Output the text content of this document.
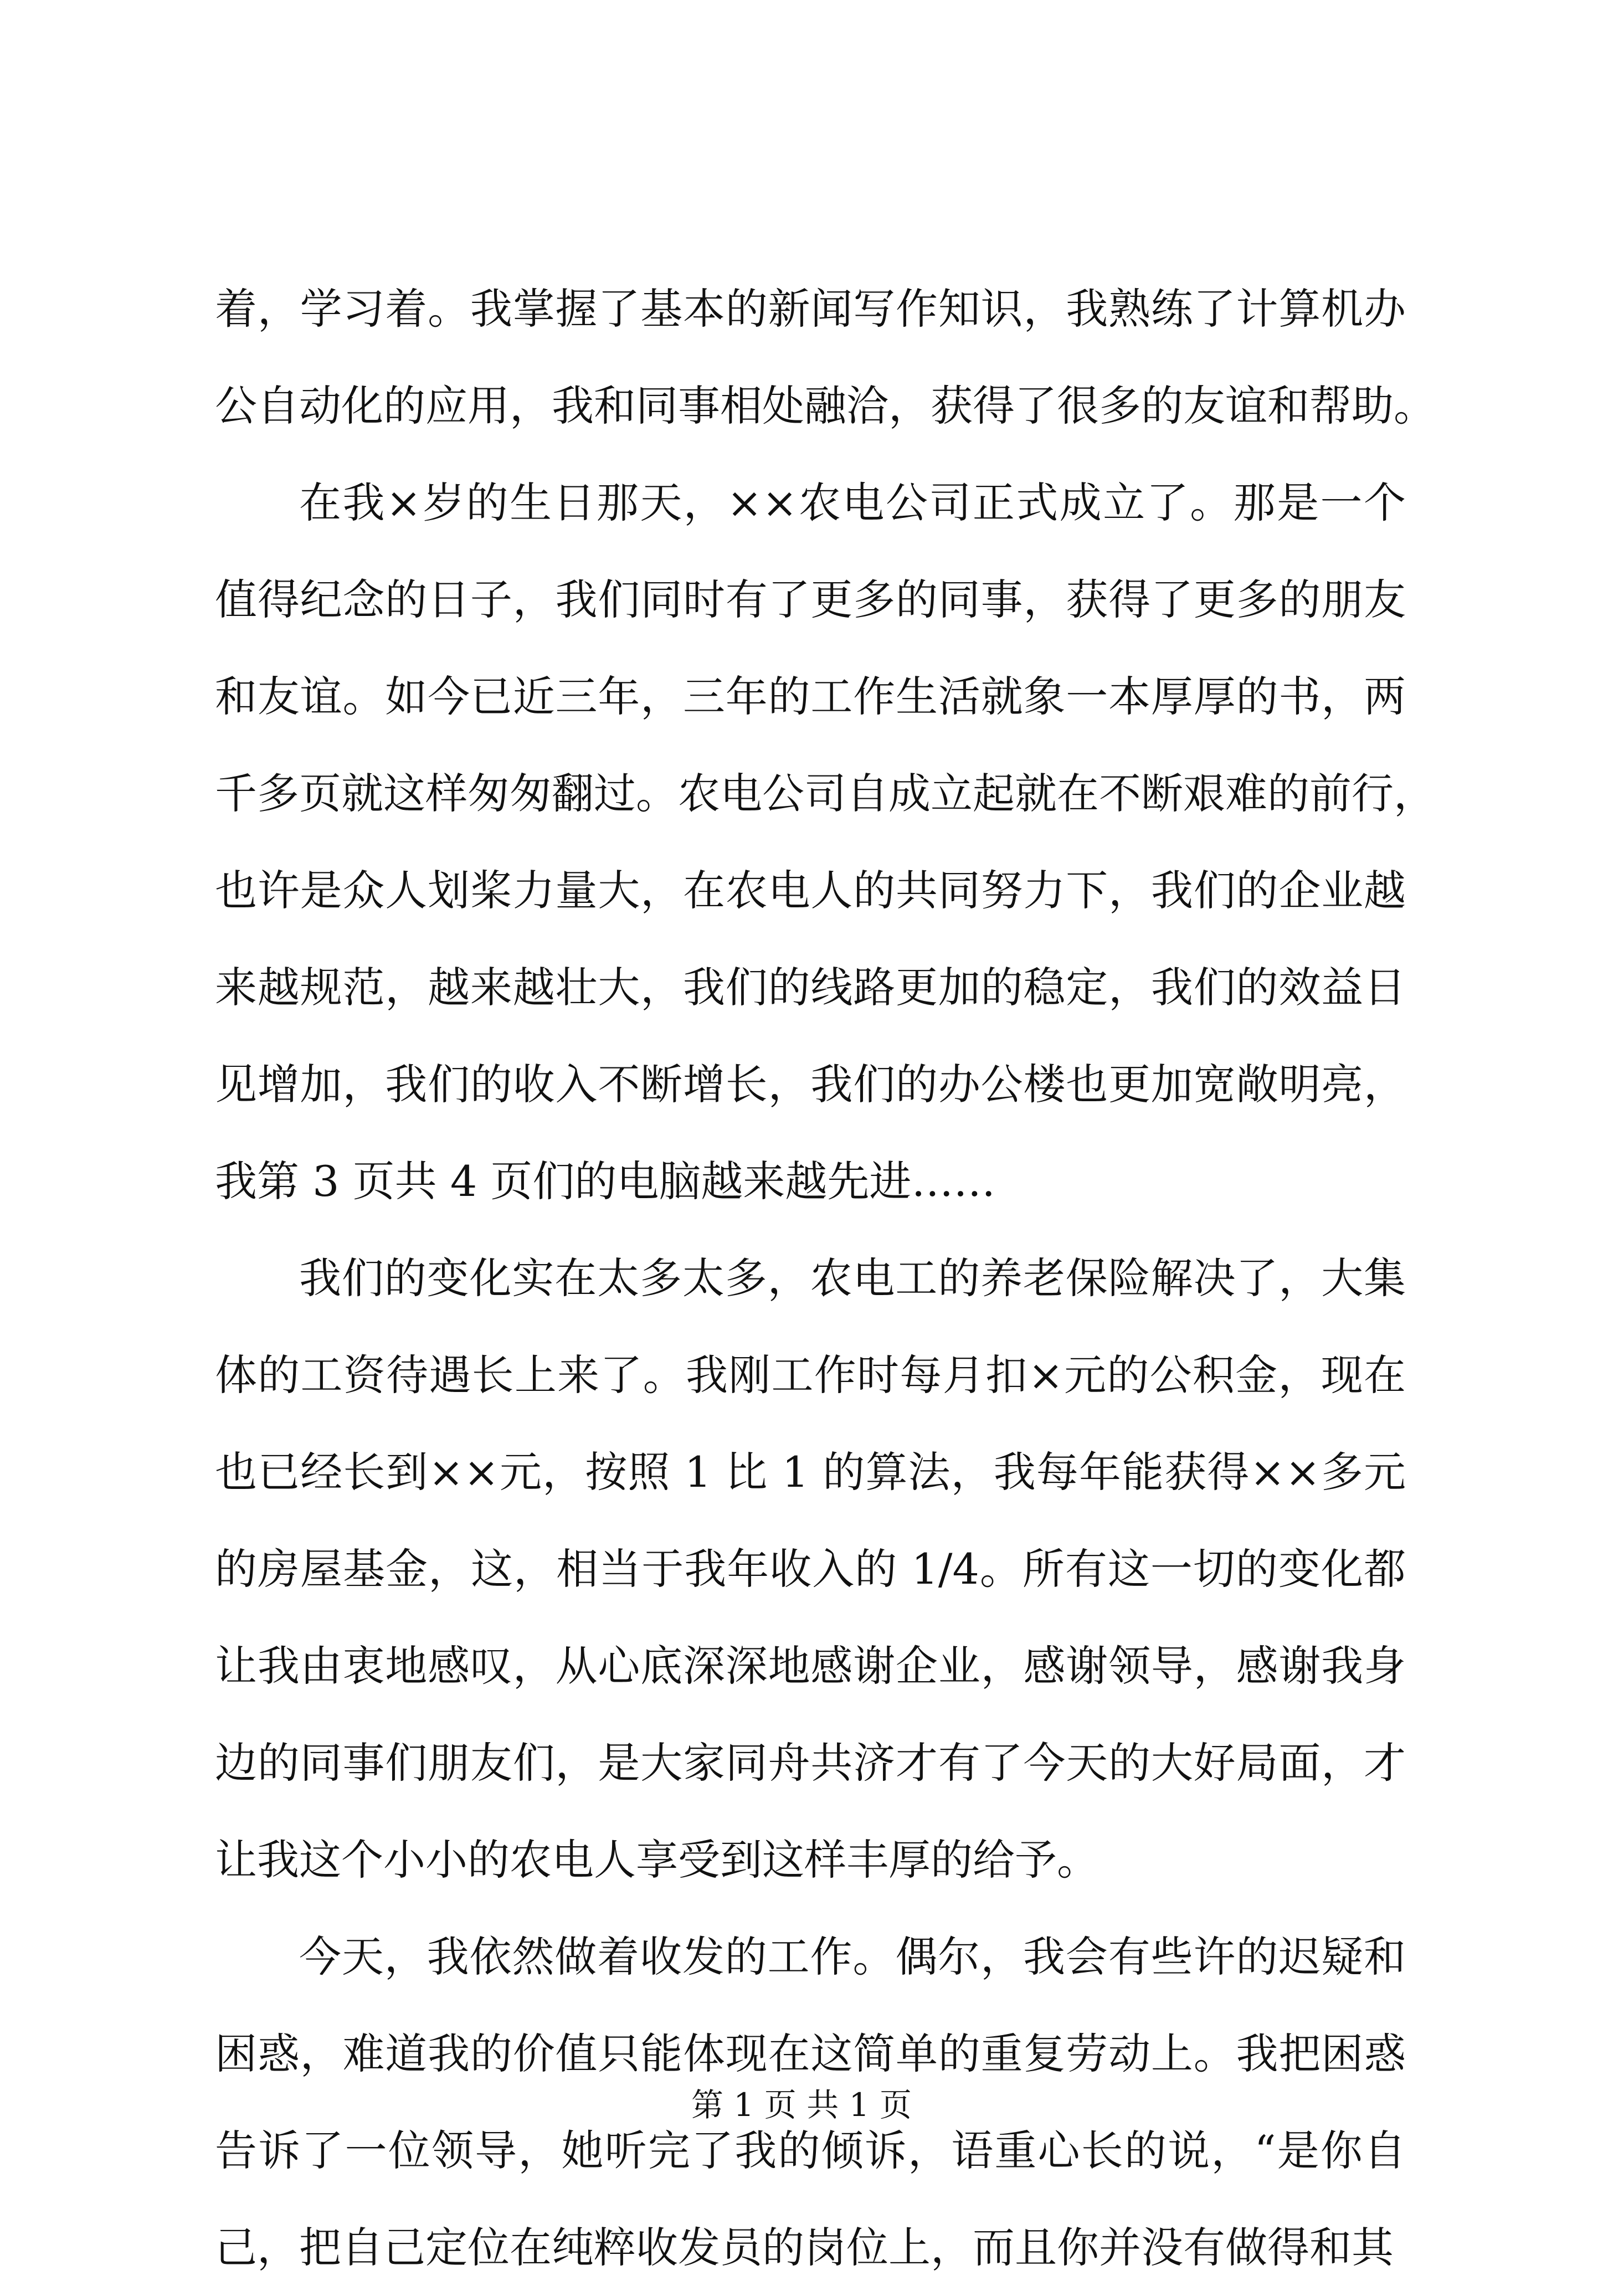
着，学习着。我掌握了基本的新闻写作知识，我熟练了计算机办
公自动化的应用，我和同事相处融洽，获得了很多的友谊和帮助。
在我×岁的生日那天，××农电公司正式成立了。那是一个
值得纪念的日子，我们同时有了更多的同事，获得了更多的朋友
和友谊。如今已近三年，三年的工作生活就象一本厚厚的书，两
千多页就这样匆匆翻过。农电公司自成立起就在不断艰难的前行，
也许是众人划桨力量大，在农电人的共同努力下，我们的企业越
来越规范，越来越壮大，我们的线路更加的稳定，我们的效益日
见增加，我们的收入不断增长，我们的办公楼也更加宽敞明亮，
我第 3 页共 4 页们的电脑越来越先进……
我们的变化实在太多太多，农电工的养老保险解决了，大集
体的工资待遇长上来了。我刚工作时每月扣×元的公积金，现在
也已经长到××元，按照 1 比 1 的算法，我每年能获得××多元
的房屋基金，这，相当于我年收入的 1/4。所有这一切的变化都
让我由衷地感叹，从心底深深地感谢企业，感谢领导，感谢我身
边的同事们朋友们，是大家同舟共济才有了今天的大好局面，才
让我这个小小的农电人享受到这样丰厚的给予。
今天，我依然做着收发的工作。偶尔，我会有些许的迟疑和
困惑，难道我的价值只能体现在这简单的重复劳动上。我把困惑
告诉了一位领导，她听完了我的倾诉，语重心长的说，“是你自
己，把自己定位在纯粹收发员的岗位上，而且你并没有做得和其
第 1 页 共 1 页
